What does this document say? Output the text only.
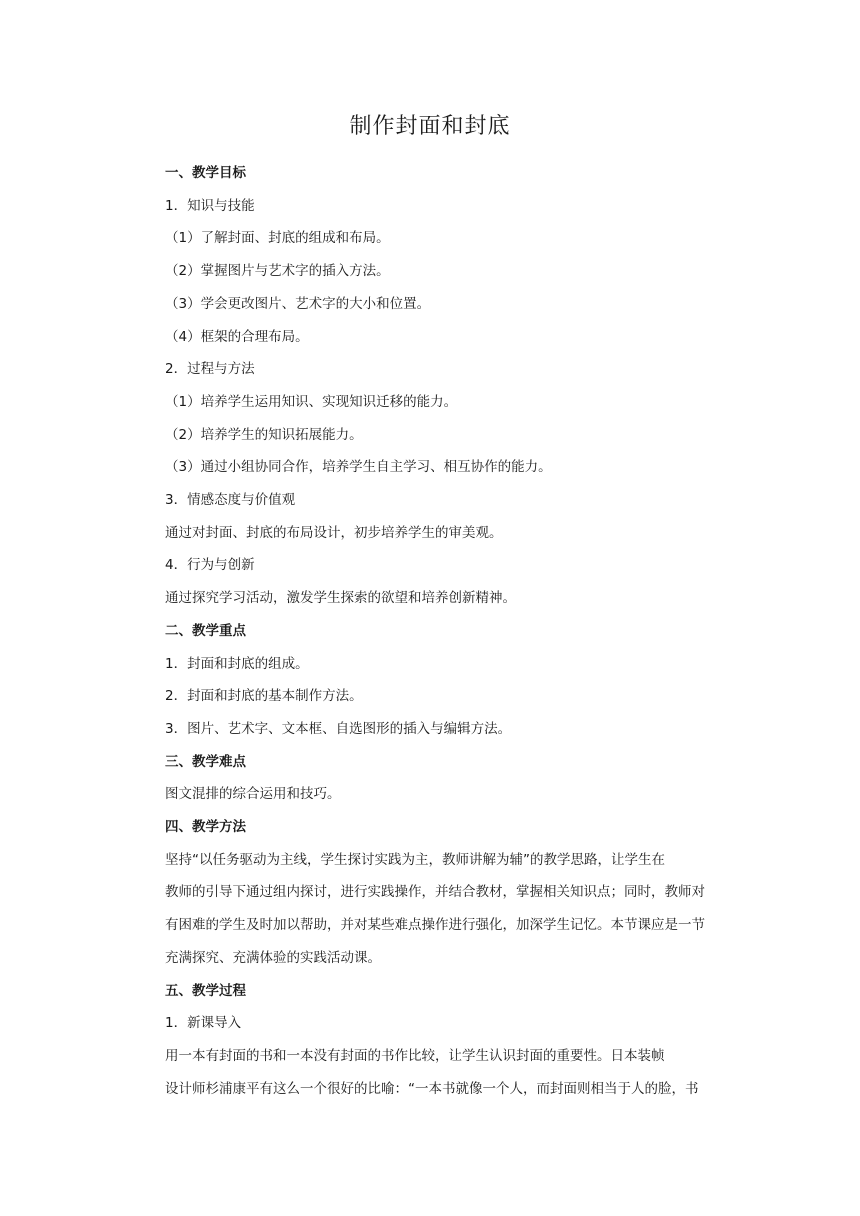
制作封面和封底

一、教学目标

1．知识与技能

（1）了解封面、封底的组成和布局。

（2）掌握图片与艺术字的插入方法。

（3）学会更改图片、艺术字的大小和位置。

（4）框架的合理布局。

2．过程与方法

（1）培养学生运用知识、实现知识迁移的能力。

（2）培养学生的知识拓展能力。

（3）通过小组协同合作，培养学生自主学习、相互协作的能力。

3．情感态度与价值观

通过对封面、封底的布局设计，初步培养学生的审美观。

4．行为与创新

通过探究学习活动，激发学生探索的欲望和培养创新精神。

二、教学重点

1．封面和封底的组成。

2．封面和封底的基本制作方法。

3．图片、艺术字、文本框、自选图形的插入与编辑方法。

三、教学难点

图文混排的综合运用和技巧。

四、教学方法

坚持“以任务驱动为主线，学生探讨实践为主，教师讲解为辅”的教学思路，让学生在
教师的引导下通过组内探讨，进行实践操作，并结合教材，掌握相关知识点；同时，教师对
有困难的学生及时加以帮助，并对某些难点操作进行强化，加深学生记忆。本节课应是一节
充满探究、充满体验的实践活动课。

五、教学过程

1．新课导入

用一本有封面的书和一本没有封面的书作比较，让学生认识封面的重要性。日本装帧
设计师杉浦康平有这么一个很好的比喻：“一本书就像一个人，而封面则相当于人的脸，书
